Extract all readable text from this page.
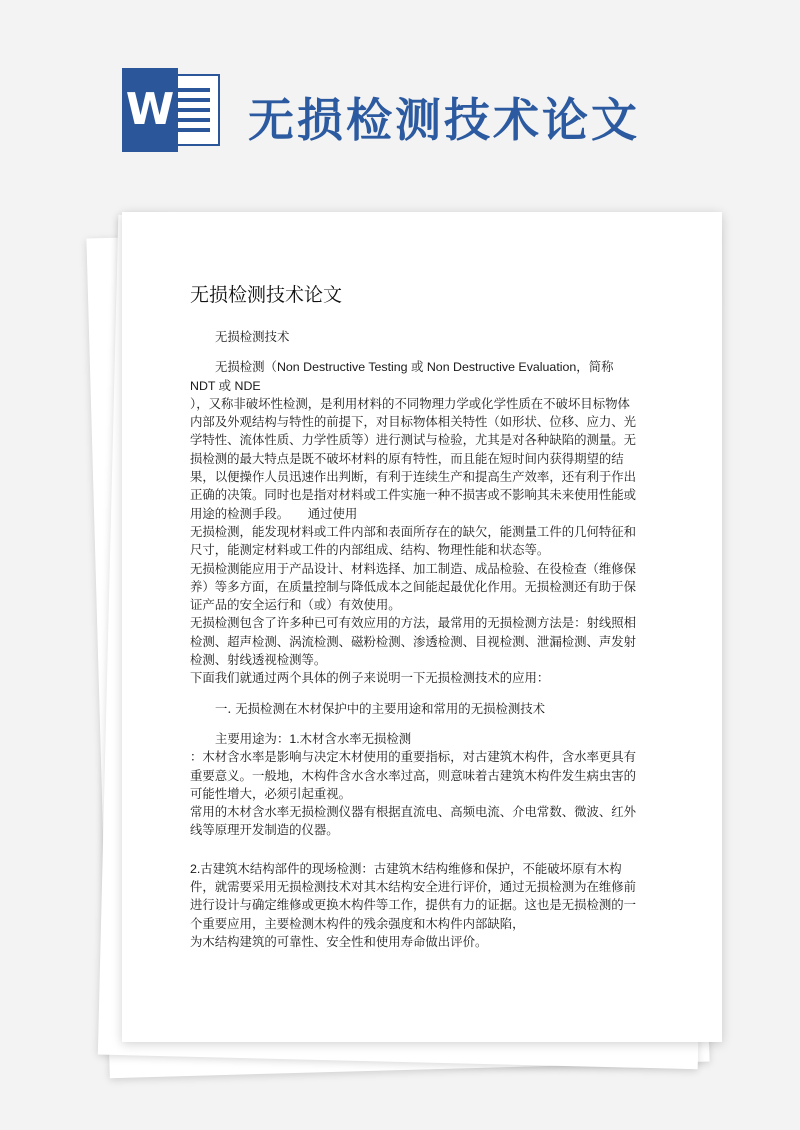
W 无损检测技术论文
无损检测技术论文

无损检测技术

无损检测（Non Destructive Testing 或 Non Destructive Evaluation，简称
NDT 或 NDE
），又称非破坏性检测，是利用材料的不同物理力学或化学性质在不破坏目标物体内部及外观结构与特性的前提下，对目标物体相关特性（如形状、位移、应力、光学特性、流体性质、力学性质等）进行测试与检验，尤其是对各种缺陷的测量。无损检测的最大特点是既不破坏材料的原有特性，而且能在短时间内获得期望的结果，以便操作人员迅速作出判断，有利于连续生产和提高生产效率，还有利于作出正确的决策。同时也是指对材料或工件实施一种不损害或不影响其未来使用性能或用途的检测手段。　　通过使用

无损检测，能发现材料或工件内部和表面所存在的缺欠，能测量工件的几何特征和尺寸，能测定材料或工件的内部组成、结构、物理性能和状态等。

无损检测能应用于产品设计、材料选择、加工制造、成品检验、在役检查（维修保养）等多方面，在质量控制与降低成本之间能起最优化作用。无损检测还有助于保证产品的安全运行和（或）有效使用。

无损检测包含了许多种已可有效应用的方法，最常用的无损检测方法是：射线照相检测、超声检测、涡流检测、磁粉检测、渗透检测、目视检测、泄漏检测、声发射检测、射线透视检测等。

下面我们就通过两个具体的例子来说明一下无损检测技术的应用：

一. 无损检测在木材保护中的主要用途和常用的无损检测技术

主要用途为：1.木材含水率无损检测

：木材含水率是影响与决定木材使用的重要指标，对古建筑木构件，含水率更具有重要意义。一般地，木构件含水含水率过高，则意味着古建筑木构件发生病虫害的可能性增大，必须引起重视。

常用的木材含水率无损检测仪器有根据直流电、高频电流、介电常数、微波、红外线等原理开发制造的仪器。

2.古建筑木结构部件的现场检测：古建筑木结构维修和保护，不能破坏原有木构件，就需要采用无损检测技术对其木结构安全进行评价，通过无损检测为在维修前进行设计与确定维修或更换木构件等工作，提供有力的证据。这也是无损检测的一个重要应用，主要检测木构件的残余强度和木构件内部缺陷，
为木结构建筑的可靠性、安全性和使用寿命做出评价。
